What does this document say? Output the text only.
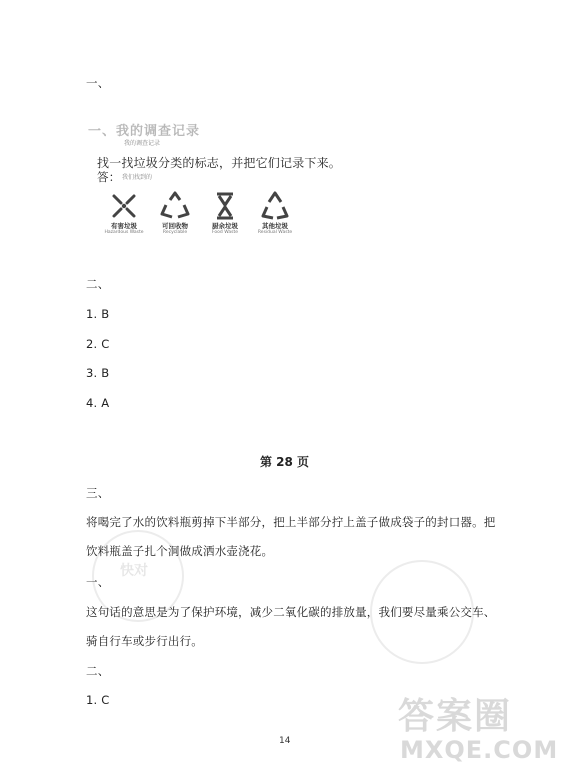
快对
一、
一、我的调查记录
我的调查记录
找一找垃圾分类的标志，并把它们记录下来。
答： 我们找到的
有害垃圾
Hazardous Waste
可回收物
Recyclable
厨余垃圾
Food Waste
其他垃圾
Residual Waste
二、
1. B
2. C
3. B
4. A
第 28 页
三、
将喝完了水的饮料瓶剪掉下半部分，把上半部分拧上盖子做成袋子的封口器。把
饮料瓶盖子扎个洞做成洒水壶浇花。
一、
这句话的意思是为了保护环境，减少二氧化碳的排放量，我们要尽量乘公交车、
骑自行车或步行出行。
二、
1. C
14
答案圈
MXQE.COM
